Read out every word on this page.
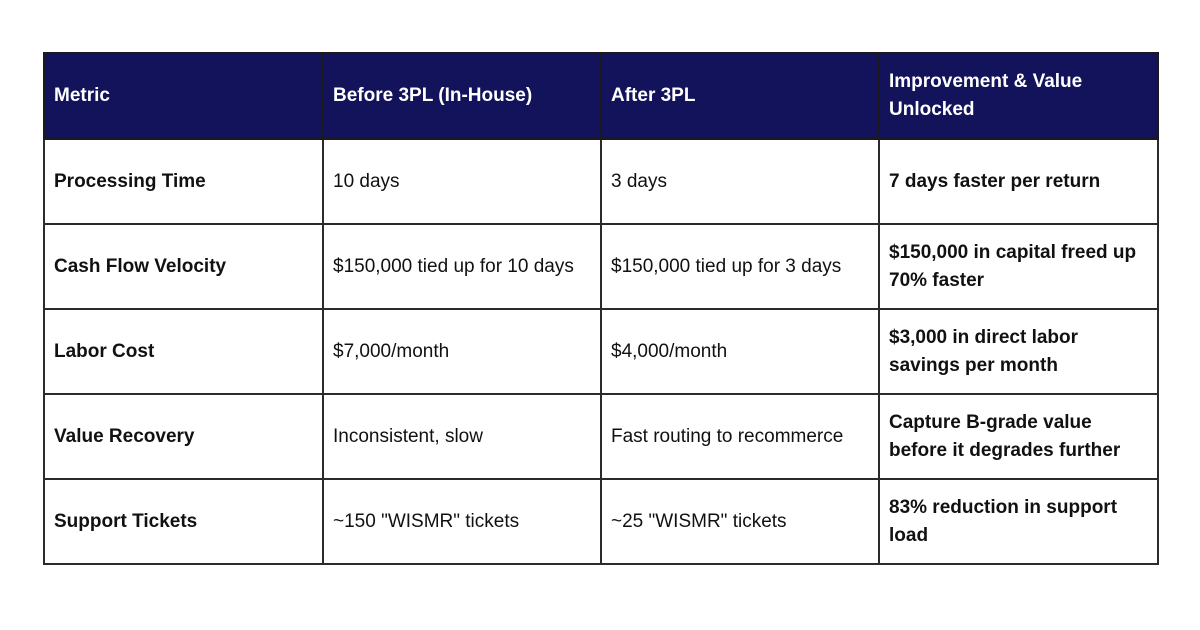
Metric	Before 3PL (In-House)	After 3PL	Improvement & Value Unlocked
Processing Time	10 days	3 days	7 days faster per return
Cash Flow Velocity	$150,000 tied up for 10 days	$150,000 tied up for 3 days	$150,000 in capital freed up 70% faster
Labor Cost	$7,000/month	$4,000/month	$3,000 in direct labor savings per month
Value Recovery	Inconsistent, slow	Fast routing to recommerce	Capture B-grade value before it degrades further
Support Tickets	~150 "WISMR" tickets	~25 "WISMR" tickets	83% reduction in support load
